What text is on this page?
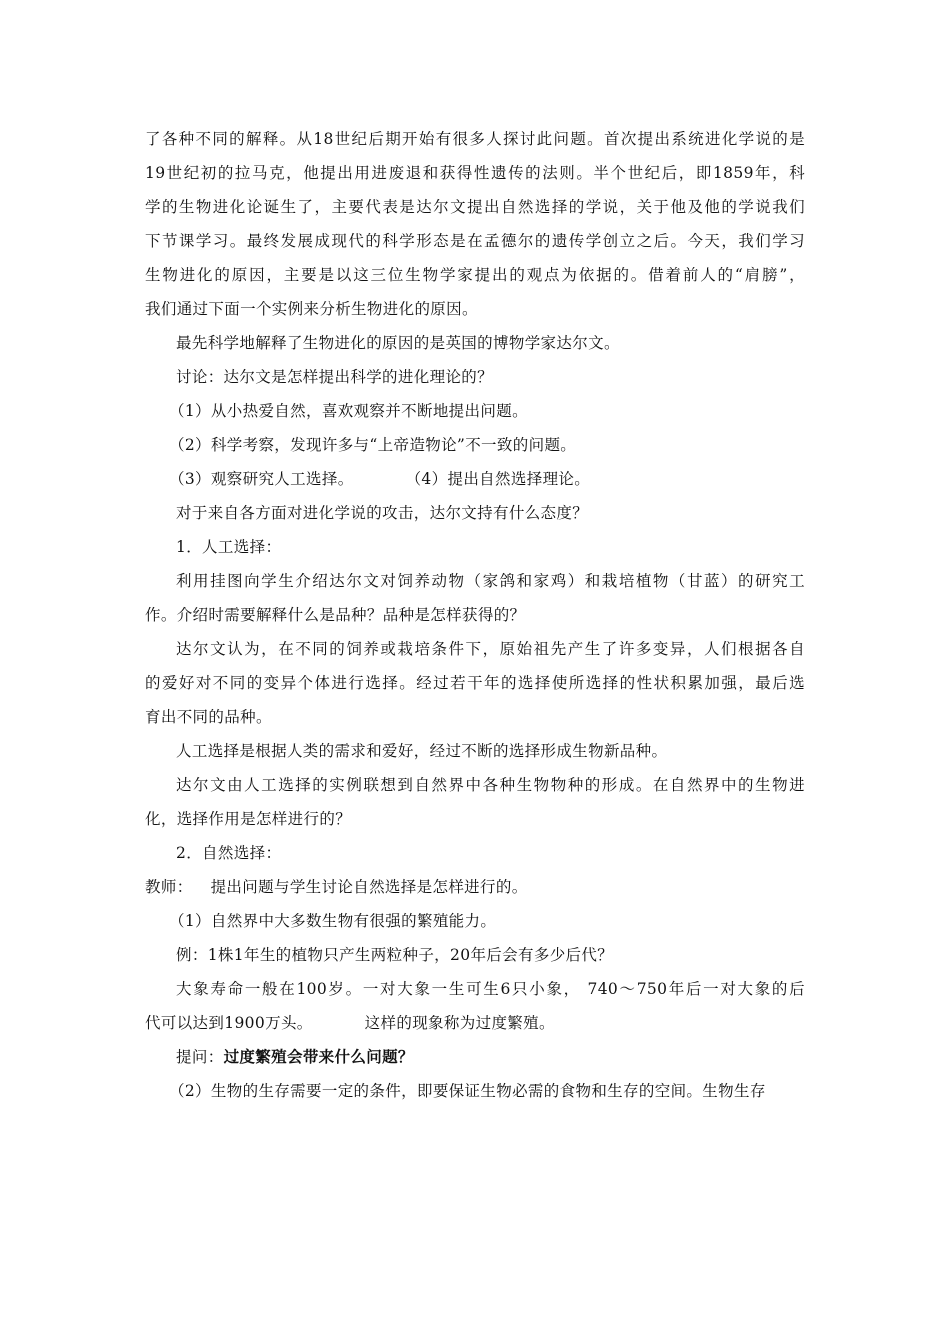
了各种不同的解释。从18世纪后期开始有很多人探讨此问题。首次提出系统进化学说的是
19世纪初的拉马克，他提出用进废退和获得性遗传的法则。半个世纪后，即1859年，科
学的生物进化论诞生了，主要代表是达尔文提出自然选择的学说，关于他及他的学说我们
下节课学习。最终发展成现代的科学形态是在孟德尔的遗传学创立之后。今天，我们学习
生物进化的原因，主要是以这三位生物学家提出的观点为依据的。借着前人的“肩膀”，
我们通过下面一个实例来分析生物进化的原因。
最先科学地解释了生物进化的原因的是英国的博物学家达尔文。
讨论：达尔文是怎样提出科学的进化理论的？
（1）从小热爱自然，喜欢观察并不断地提出问题。
（2）科学考察，发现许多与“上帝造物论”不一致的问题。
（3）观察研究人工选择。	（4）提出自然选择理论。
对于来自各方面对进化学说的攻击，达尔文持有什么态度？
1．人工选择：
利用挂图向学生介绍达尔文对饲养动物（家鸽和家鸡）和栽培植物（甘蓝）的研究工
作。介绍时需要解释什么是品种？品种是怎样获得的？
达尔文认为，在不同的饲养或栽培条件下，原始祖先产生了许多变异，人们根据各自
的爱好对不同的变异个体进行选择。经过若干年的选择使所选择的性状积累加强，最后选
育出不同的品种。
人工选择是根据人类的需求和爱好，经过不断的选择形成生物新品种。
达尔文由人工选择的实例联想到自然界中各种生物物种的形成。在自然界中的生物进
化，选择作用是怎样进行的？
2．自然选择：
教师： 提出问题与学生讨论自然选择是怎样进行的。
（1）自然界中大多数生物有很强的繁殖能力。
例：1株1年生的植物只产生两粒种子，20年后会有多少后代？
大象寿命一般在100岁。一对大象一生可生6只小象， 740～750年后一对大象的后
代可以达到1900万头。	这样的现象称为过度繁殖。
提问：过度繁殖会带来什么问题？
（2）生物的生存需要一定的条件，即要保证生物必需的食物和生存的空间。生物生存
